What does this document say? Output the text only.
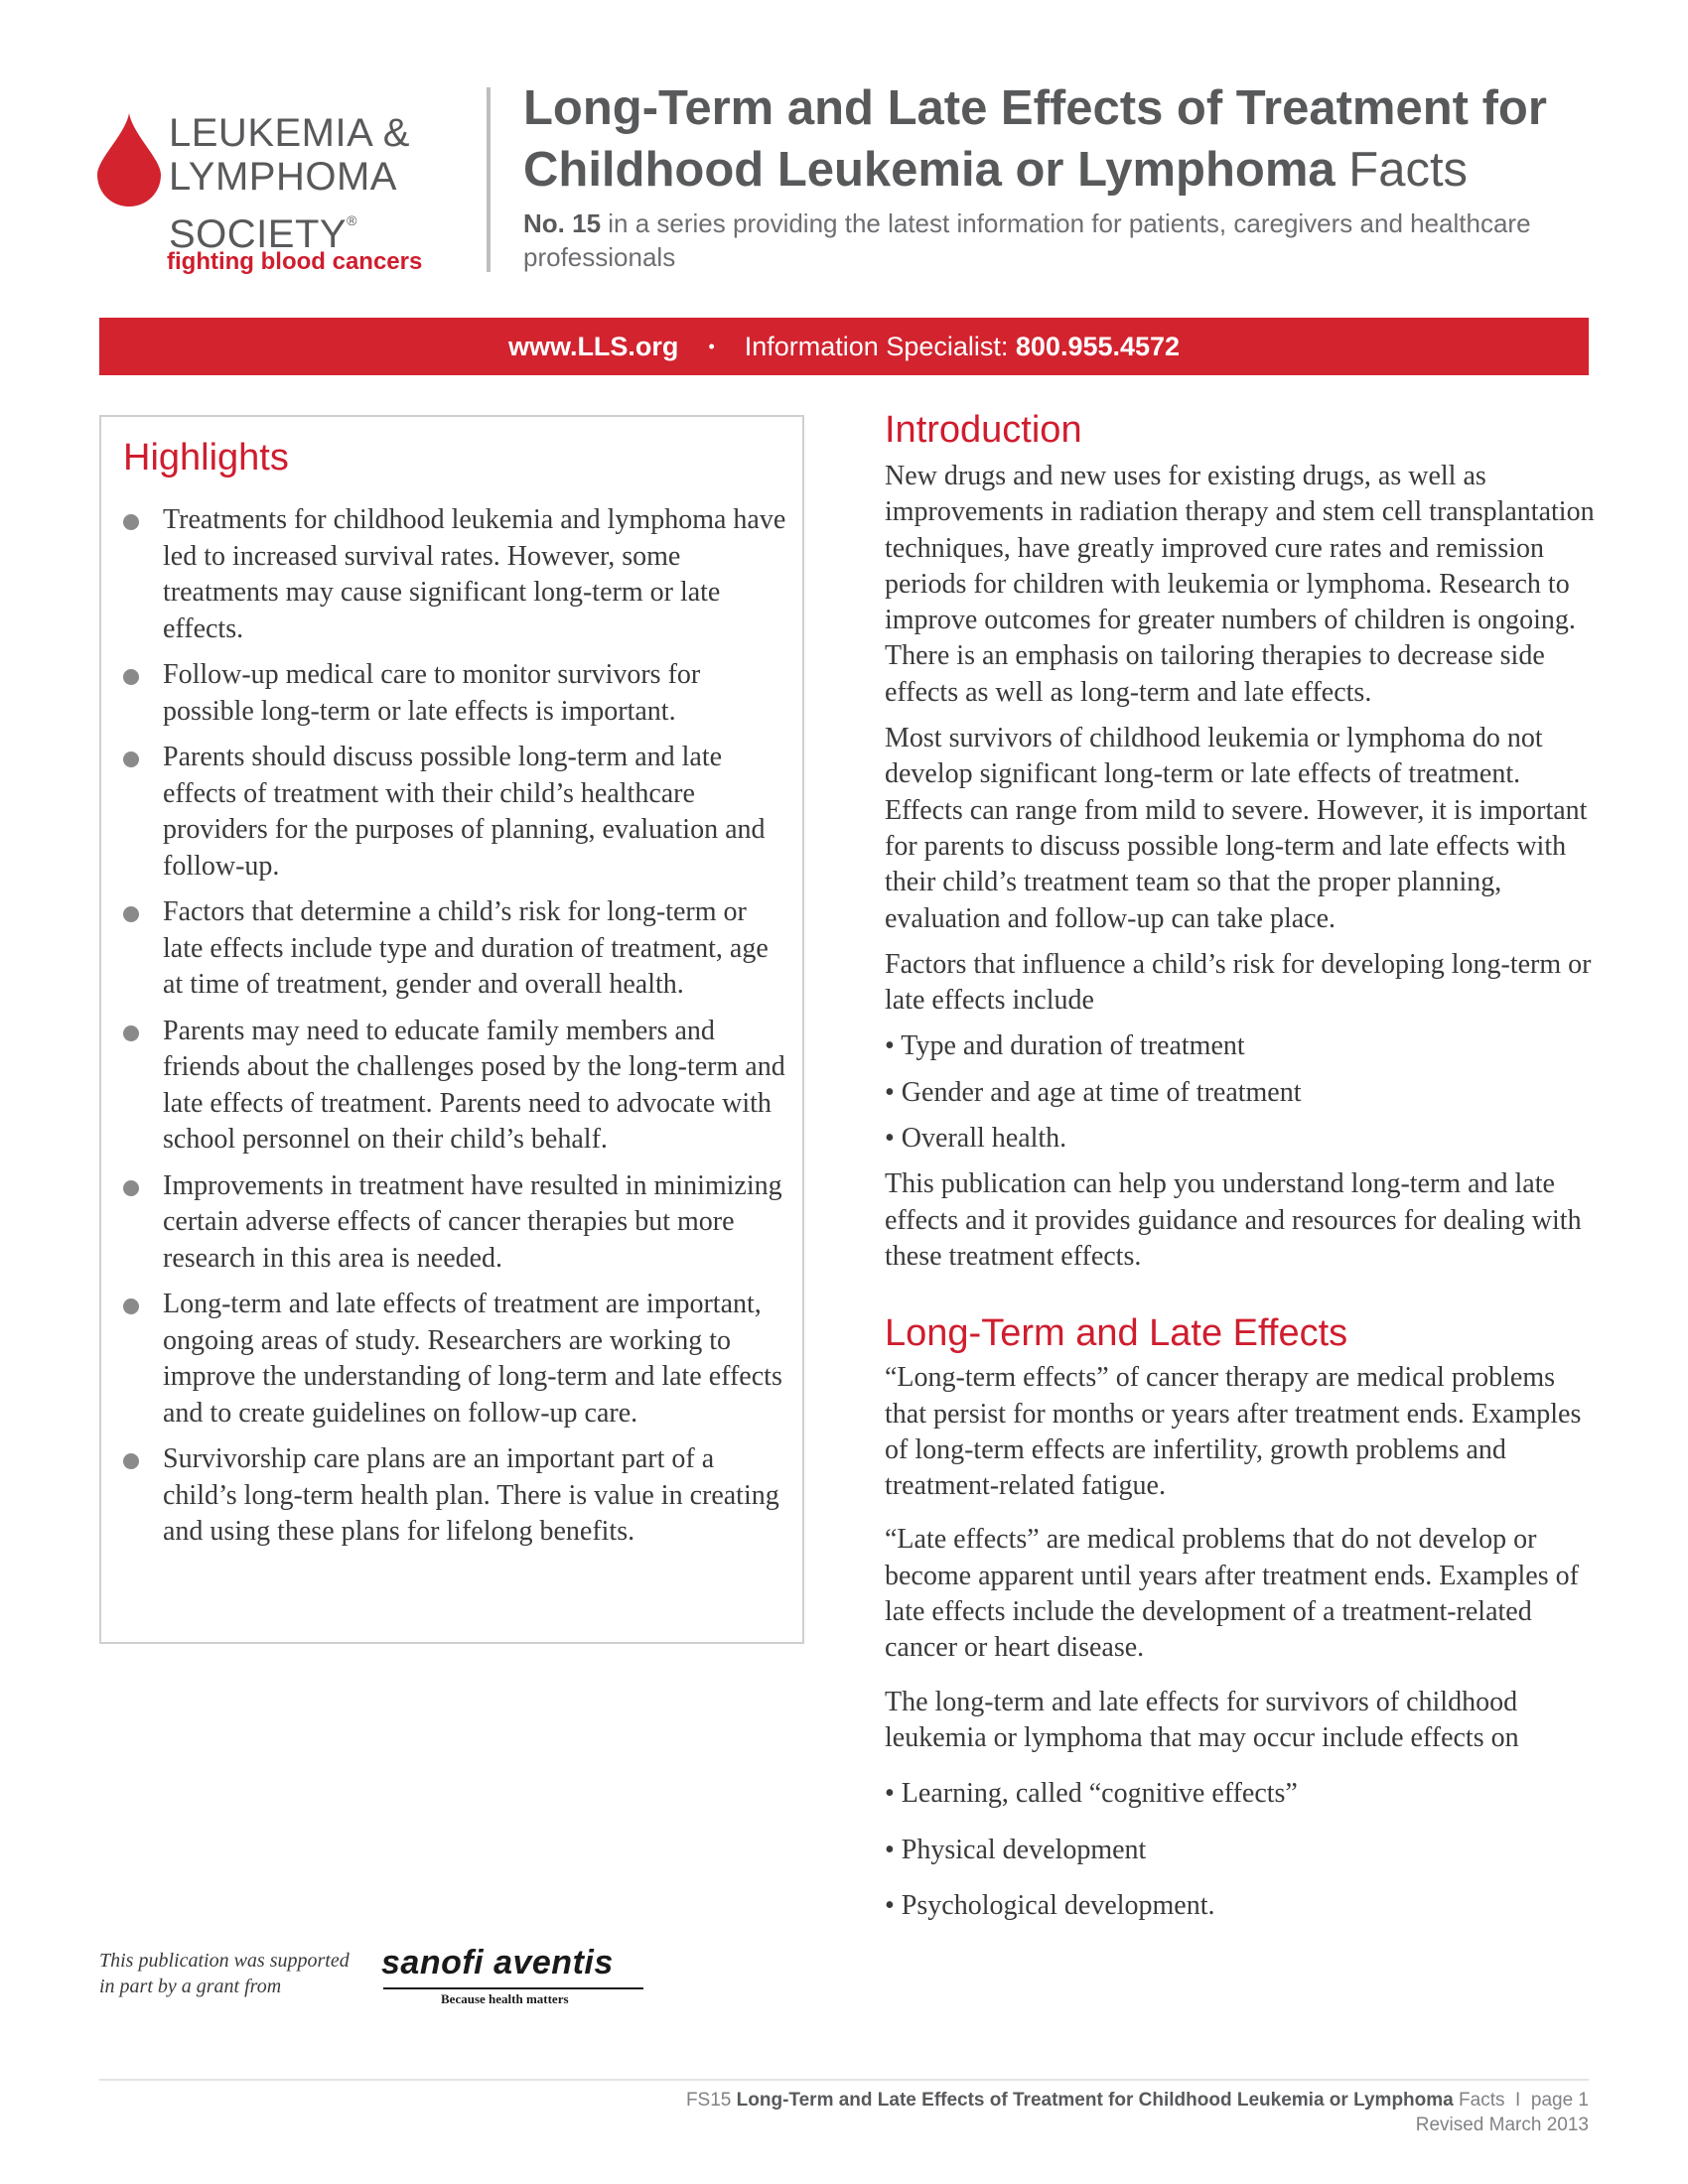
LEUKEMIA &
LYMPHOMA
SOCIETY®
fighting blood cancers
Long-Term and Late Effects of Treatment for Childhood Leukemia or Lymphoma Facts
No. 15 in a series providing the latest information for patients, caregivers and healthcare professionals
www.LLS.org • Information Specialist:
800.955.4572
Highlights
Treatments for childhood leukemia and lymphoma have led to increased survival rates. However, some treatments may cause significant long-term or late effects.
Follow-up medical care to monitor survivors for possible long-term or late effects is important.
Parents should discuss possible long-term and late effects of treatment with their child’s healthcare providers for the purposes of planning, evaluation and follow-up.
Factors that determine a child’s risk for long-term or late effects include type and duration of treatment, age at time of treatment, gender and overall health.
Parents may need to educate family members and friends about the challenges posed by the long-term and late effects of treatment. Parents need to advocate with school personnel on their child’s behalf.
Improvements in treatment have resulted in minimizing certain adverse effects of cancer therapies but more research in this area is needed.
Long-term and late effects of treatment are important, ongoing areas of study. Researchers are working to improve the understanding of long-term and late effects and to create guidelines on follow-up care.
Survivorship care plans are an important part of a child’s long-term health plan. There is value in creating and using these plans for lifelong benefits.
Introduction

New drugs and new uses for existing drugs, as well as improvements in radiation therapy and stem cell transplantation techniques, have greatly improved cure rates and remission periods for children with leukemia or lymphoma. Research to improve outcomes for greater numbers of children is ongoing. There is an emphasis on tailoring therapies to decrease side effects as well as long-term and late effects.

Most survivors of childhood leukemia or lymphoma do not develop significant long-term or late effects of treatment. Effects can range from mild to severe. However, it is important for parents to discuss possible long-term and late effects with their child’s treatment team so that the proper planning, evaluation and follow-up can take place.

Factors that influence a child’s risk for developing long-term or late effects include

• Type and duration of treatment
• Gender and age at time of treatment
• Overall health.

This publication can help you understand long-term and late effects and it provides guidance and resources for dealing with these treatment effects.

Long-Term and Late Effects

“Long-term effects” of cancer therapy are medical problems that persist for months or years after treatment ends. Examples of long-term effects are infertility, growth problems and treatment-related fatigue.

“Late effects” are medical problems that do not develop or become apparent until years after treatment ends. Examples of late effects include the development of a treatment-related cancer or heart disease.

The long-term and late effects for survivors of childhood leukemia or lymphoma that may occur include effects on

• Learning, called “cognitive effects”
• Physical development
• Psychological development.
This publication was supported
in part by a grant from
sanofi aventis
Because health matters
FS15 Long-Term and Late Effects of Treatment for Childhood Leukemia or Lymphoma Facts I page 1
Revised March 2013
